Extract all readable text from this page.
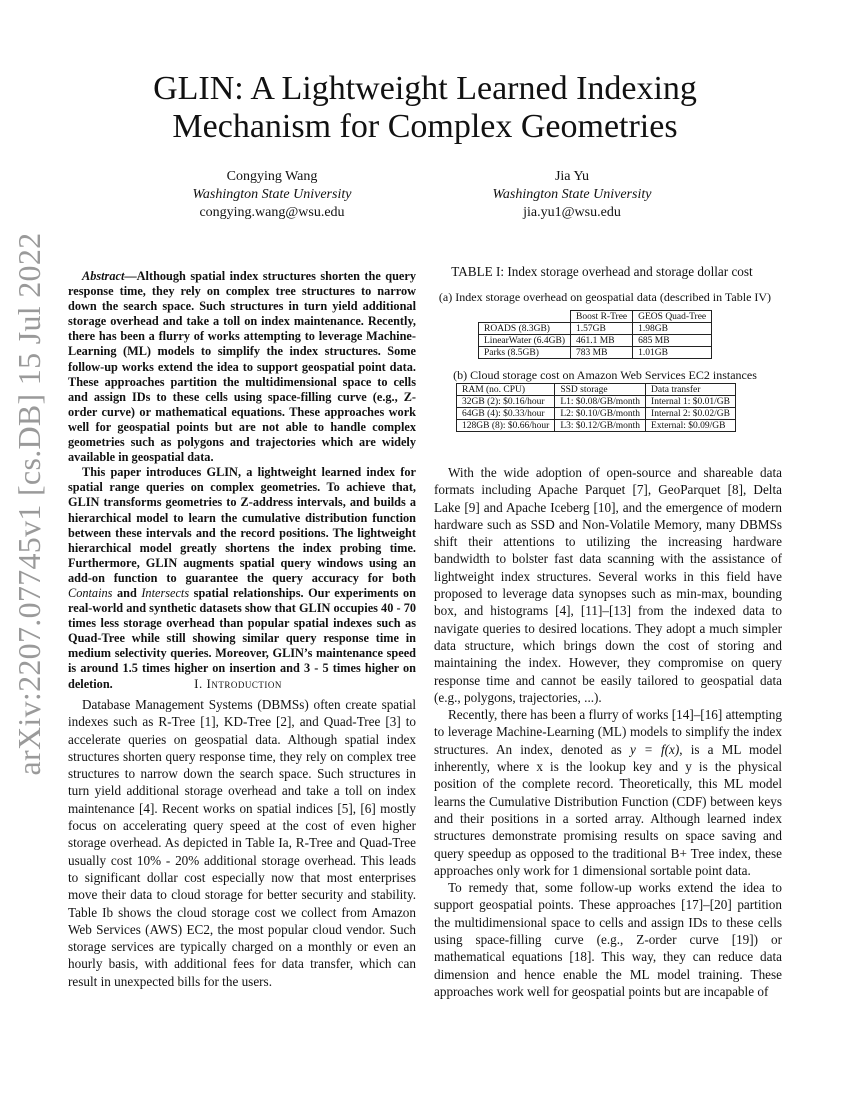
arXiv:2207.07745v1 [cs.DB] 15 Jul 2022
GLIN: A Lightweight Learned Indexing
Mechanism for Complex Geometries
Congying Wang
Washington State University
congying.wang@wsu.edu
Jia Yu
Washington State University
jia.yu1@wsu.edu

Abstract—Although spatial index structures shorten the query response time, they rely on complex tree structures to narrow down the search space. Such structures in turn yield additional storage overhead and take a toll on index maintenance. Recently, there has been a flurry of works attempting to leverage Machine-Learning (ML) models to simplify the index structures. Some follow-up works extend the idea to support geospatial point data. These approaches partition the multidimensional space to cells and assign IDs to these cells using space-filling curve (e.g., Z-order curve) or mathematical equations. These approaches work well for geospatial points but are not able to handle complex geometries such as polygons and trajectories which are widely available in geospatial data.

This paper introduces GLIN, a lightweight learned index for spatial range queries on complex geometries. To achieve that, GLIN transforms geometries to Z-address intervals, and builds a hierarchical model to learn the cumulative distribution function between these intervals and the record positions. The lightweight hierarchical model greatly shortens the index probing time. Furthermore, GLIN augments spatial query windows using an add-on function to guarantee the query accuracy for both Contains and Intersects spatial relationships. Our experiments on real-world and synthetic datasets show that GLIN occupies 40 - 70 times less storage overhead than popular spatial indexes such as Quad-Tree while still showing similar query response time in medium selectivity queries. Moreover, GLIN’s maintenance speed is around 1.5 times higher on insertion and 3 - 5 times higher on deletion.	I. Introduction

Database Management Systems (DBMSs) often create spatial indexes such as R-Tree [1], KD-Tree [2], and Quad-Tree [3] to accelerate queries on geospatial data. Although spatial index structures shorten query response time, they rely on complex tree structures to narrow down the search space. Such structures in turn yield additional storage overhead and take a toll on index maintenance [4]. Recent works on spatial indices [5], [6] mostly focus on accelerating query speed at the cost of even higher storage overhead. As depicted in Table Ia, R-Tree and Quad-Tree usually cost 10% - 20% additional storage overhead. This leads to significant dollar cost especially now that most enterprises move their data to cloud storage for better security and stability. Table Ib shows the cloud storage cost we collect from Amazon Web Services (AWS) EC2, the most popular cloud vendor. Such storage services are typically charged on a monthly or even an hourly basis, with additional fees for data transfer, which can result in unexpected bills for the users.

TABLE I: Index storage overhead and storage dollar cost
(a) Index storage overhead on geospatial data (described in Table IV)
	Boost R-Tree	GEOS Quad-Tree
ROADS (8.3GB)	1.57GB	1.98GB
LinearWater (6.4GB)	461.1 MB	685 MB
Parks (8.5GB)	783 MB	1.01GB
(b) Cloud storage cost on Amazon Web Services EC2 instances
RAM (no. CPU)	SSD storage	Data transfer
32GB (2): $0.16/hour	L1: $0.08/GB/month	Internal 1: $0.01/GB
64GB (4): $0.33/hour	L2: $0.10/GB/month	Internal 2: $0.02/GB
128GB (8): $0.66/hour	L3: $0.12/GB/month	External: $0.09/GB

With the wide adoption of open-source and shareable data formats including Apache Parquet [7], GeoParquet [8], Delta Lake [9] and Apache Iceberg [10], and the emergence of modern hardware such as SSD and Non-Volatile Memory, many DBMSs shift their attentions to utilizing the increasing hardware bandwidth to bolster fast data scanning with the assistance of lightweight index structures. Several works in this field have proposed to leverage data synopses such as min-max, bounding box, and histograms [4], [11]–[13] from the indexed data to navigate queries to desired locations. They adopt a much simpler data structure, which brings down the cost of storing and maintaining the index. However, they compromise on query response time and cannot be easily tailored to geospatial data (e.g., polygons, trajectories, ...).

Recently, there has been a flurry of works [14]–[16] attempting to leverage Machine-Learning (ML) models to simplify the index structures. An index, denoted as y = f(x), is a ML model inherently, where x is the lookup key and y is the physical position of the complete record. Theoretically, this ML model learns the Cumulative Distribution Function (CDF) between keys and their positions in a sorted array. Although learned index structures demonstrate promising results on space saving and query speedup as opposed to the traditional B+ Tree index, these approaches only work for 1 dimensional sortable point data.

To remedy that, some follow-up works extend the idea to support geospatial points. These approaches [17]–[20] partition the multidimensional space to cells and assign IDs to these cells using space-filling curve (e.g., Z-order curve [19]) or mathematical equations [18]. This way, they can reduce data dimension and hence enable the ML model training. These approaches work well for geospatial points but are incapable of
